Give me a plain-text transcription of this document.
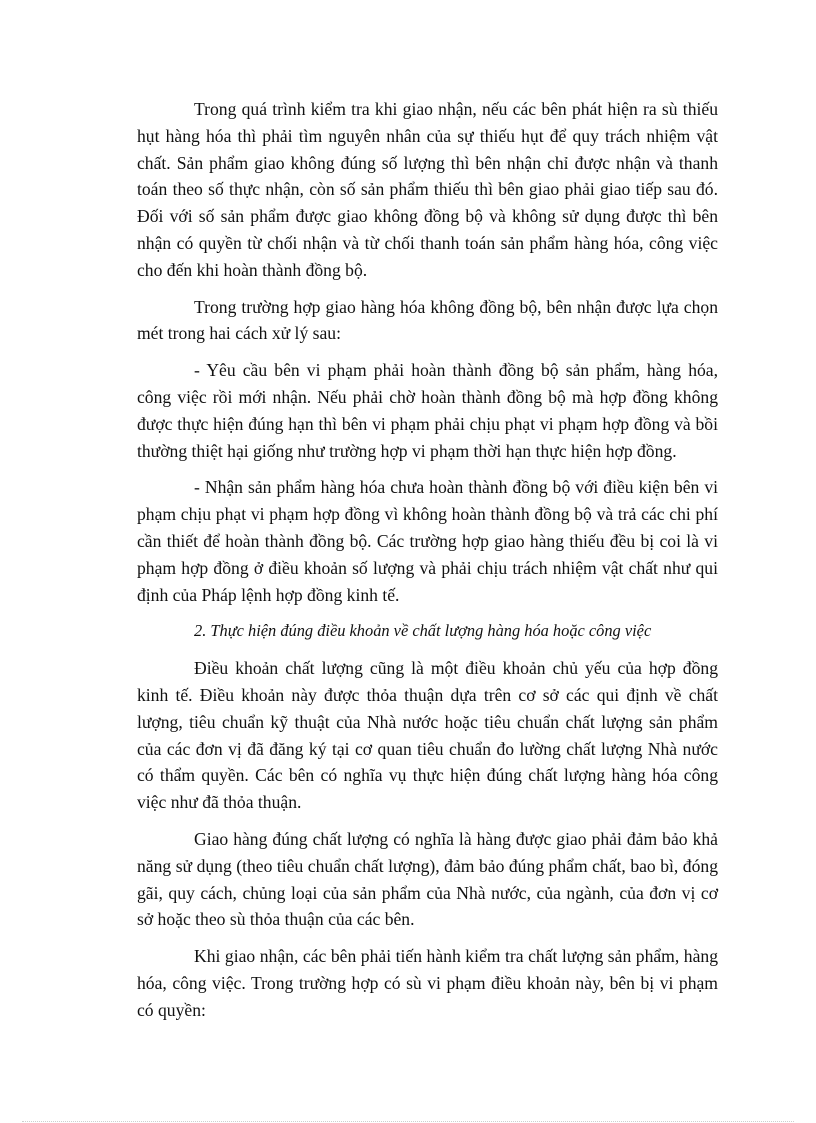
Trong quá trình kiểm tra khi giao nhận, nếu các bên phát hiện ra sù thiếu hụt hàng hóa thì phải tìm nguyên nhân của sự thiếu hụt để quy trách nhiệm vật chất. Sản phẩm giao không đúng số lượng thì bên nhận chỉ được nhận và thanh toán theo số thực nhận, còn số sản phẩm thiếu thì bên giao phải giao tiếp sau đó. Đối với số sản phẩm được giao không đồng bộ và không sử dụng được thì bên nhận có quyền từ chối nhận và từ chối thanh toán sản phẩm hàng hóa, công việc cho đến khi hoàn thành đồng bộ.

Trong trường hợp giao hàng hóa không đồng bộ, bên nhận được lựa chọn mét trong hai cách xử lý sau:

- Yêu cầu bên vi phạm phải hoàn thành đồng bộ sản phẩm, hàng hóa, công việc rồi mới nhận. Nếu phải chờ hoàn thành đồng bộ mà hợp đồng không được thực hiện đúng hạn thì bên vi phạm phải chịu phạt vi phạm hợp đồng và bồi thường thiệt hại giống như trường hợp vi phạm thời hạn thực hiện hợp đồng.

- Nhận sản phẩm hàng hóa chưa hoàn thành đồng bộ với điều kiện bên vi phạm chịu phạt vi phạm hợp đồng vì không hoàn thành đồng bộ và trả các chi phí cần thiết để hoàn thành đồng bộ. Các trường hợp giao hàng thiếu đều bị coi là vi phạm hợp đồng ở điều khoản số lượng và phải chịu trách nhiệm vật chất như qui định của Pháp lệnh hợp đồng kinh tế.

2. Thực hiện đúng điều khoản về chất lượng hàng hóa hoặc công việc

Điều khoản chất lượng cũng là một điều khoản chủ yếu của hợp đồng kinh tế. Điều khoản này được thỏa thuận dựa trên cơ sở các qui định về chất lượng, tiêu chuẩn kỹ thuật của Nhà nước hoặc tiêu chuẩn chất lượng sản phẩm của các đơn vị đã đăng ký tại cơ quan tiêu chuẩn đo lường chất lượng Nhà nước có thẩm quyền. Các bên có nghĩa vụ thực hiện đúng chất lượng hàng hóa công việc như đã thỏa thuận.

Giao hàng đúng chất lượng có nghĩa là hàng được giao phải đảm bảo khả năng sử dụng (theo tiêu chuẩn chất lượng), đảm bảo đúng phẩm chất, bao bì, đóng gãi, quy cách, chủng loại của sản phẩm của Nhà nước, của ngành, của đơn vị cơ sở hoặc theo sù thỏa thuận của các bên.

Khi giao nhận, các bên phải tiến hành kiểm tra chất lượng sản phẩm, hàng hóa, công việc. Trong trường hợp có sù vi phạm điều khoản này, bên bị vi phạm có quyền:
